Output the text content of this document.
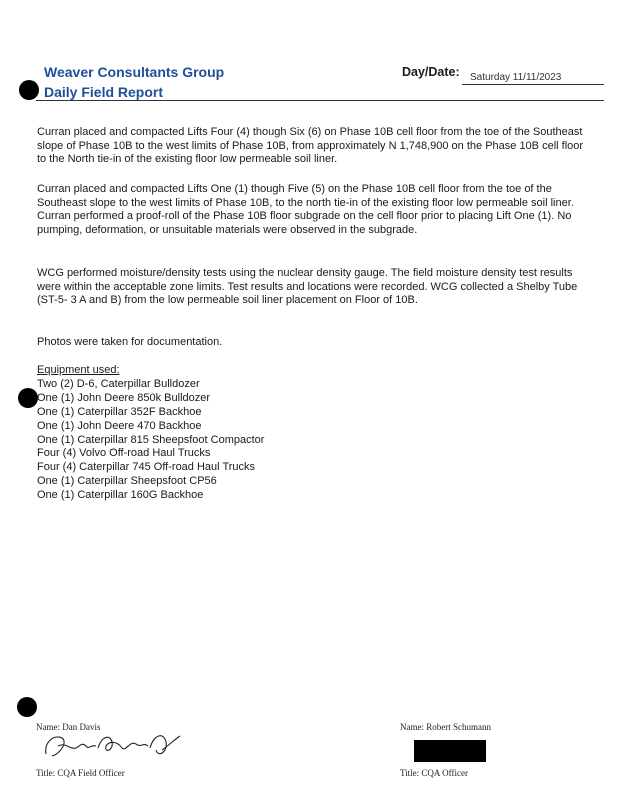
Weaver Consultants Group
Daily Field Report
Day/Date: Saturday 11/11/2023
Curran placed and compacted Lifts Four (4) though Six (6) on Phase 10B cell floor from the toe of the Southeast slope of Phase 10B to the west limits of Phase 10B, from approximately N 1,748,900 on the Phase 10B cell floor to the North tie-in of the existing floor low permeable soil liner.
Curran placed and compacted Lifts One (1) though Five (5) on the Phase 10B cell floor from the toe of the Southeast slope to the west limits of Phase 10B, to the north tie-in of the existing floor low permeable soil liner. Curran performed a proof-roll of the Phase 10B floor subgrade on the cell floor prior to placing Lift One (1). No pumping, deformation, or unsuitable materials were observed in the subgrade.
WCG performed moisture/density tests using the nuclear density gauge. The field moisture density test results were within the acceptable zone limits. Test results and locations were recorded. WCG collected a Shelby Tube (ST-5- 3 A and B) from the low permeable soil liner placement on Floor of 10B.
Photos were taken for documentation.
Equipment used:
Two (2) D-6, Caterpillar Bulldozer
One (1) John Deere 850k Bulldozer
One (1) Caterpillar 352F Backhoe
One (1) John Deere 470 Backhoe
One (1) Caterpillar 815 Sheepsfoot Compactor
Four (4) Volvo Off-road Haul Trucks
Four (4) Caterpillar 745 Off-road Haul Trucks
One (1) Caterpillar Sheepsfoot CP56
One (1) Caterpillar 160G Backhoe
Name: Dan Davis
Title: CQA Field Officer
Name: Robert Schumann
Title: CQA Officer
